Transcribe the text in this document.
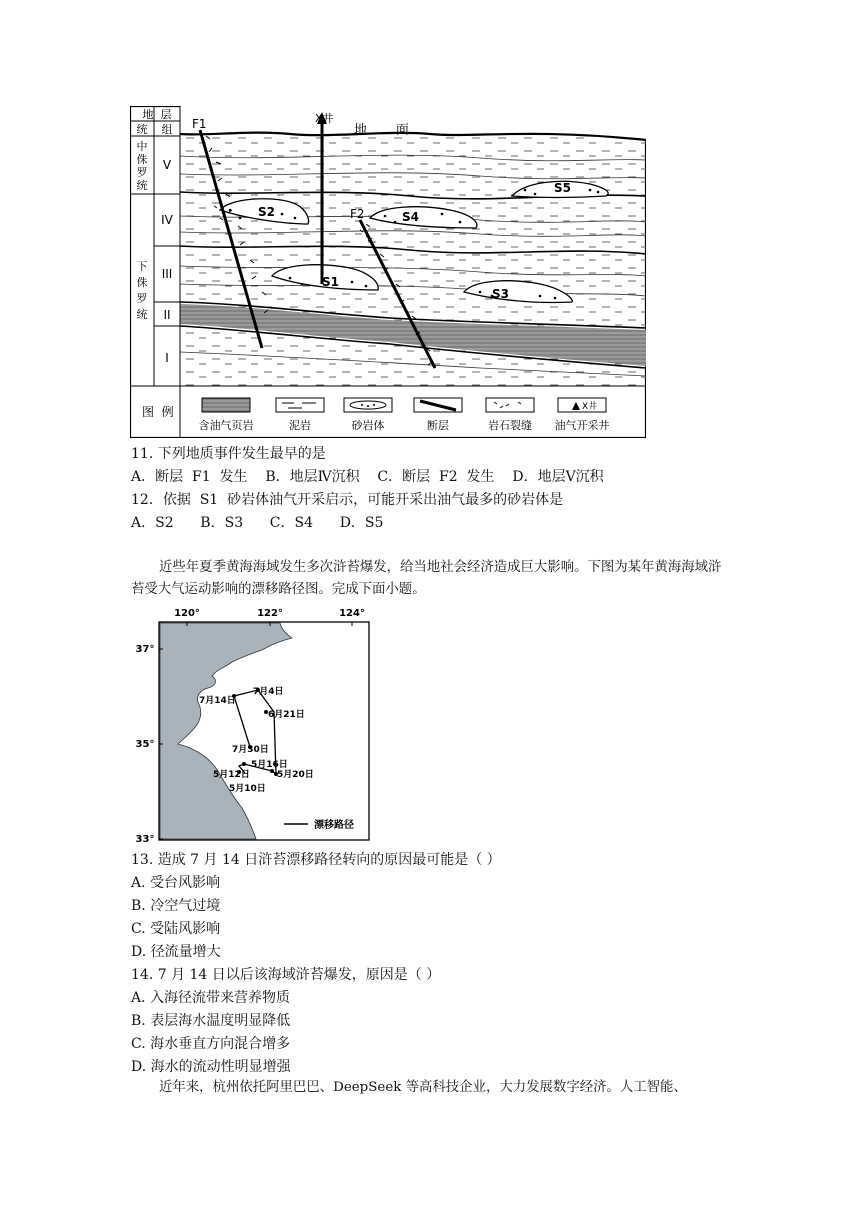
地 层
统 组
中
侏
罗
统
下
侏
罗
统
V
IV
III
II
I
F1	X井
地       面
F2
S2	S4
S5
S1
S3
图  例	X井
含油气页岩	泥岩	砂岩体	断层	岩石裂缝 油气开采井
11. 下列地质事件发生最早的是
A．断层  F1  发生    B．地层Ⅳ沉积    C．断层  F2  发生    D．地层Ⅴ沉积
12．依据  S1  砂岩体油气开采启示，可能开采出油气最多的砂岩体是
A．S2      B．S3      C．S4      D．S5
近些年夏季黄海海域发生多次浒苔爆发，给当地社会经济造成巨大影响。下图为某年黄海海域浒苔受大气运动影响的漂移路径图。完成下面小题。
120°	122°	124°
37°
35°
33°
7月4日
7月14日
6月21日
7月30日
5月16日
5月12日	5月20日
5月10日
漂移路径
13. 造成 7 月 14 日浒苔漂移路径转向的原因最可能是（ ）
A. 受台风影响
B. 冷空气过境
C. 受陆风影响
D. 径流量增大
14. 7 月 14 日以后该海域浒苔爆发，原因是（ ）
A. 入海径流带来营养物质
B. 表层海水温度明显降低
C. 海水垂直方向混合增多
D. 海水的流动性明显增强
近年来，杭州依托阿里巴巴、DeepSeek 等高科技企业，大力发展数字经济。人工智能、
